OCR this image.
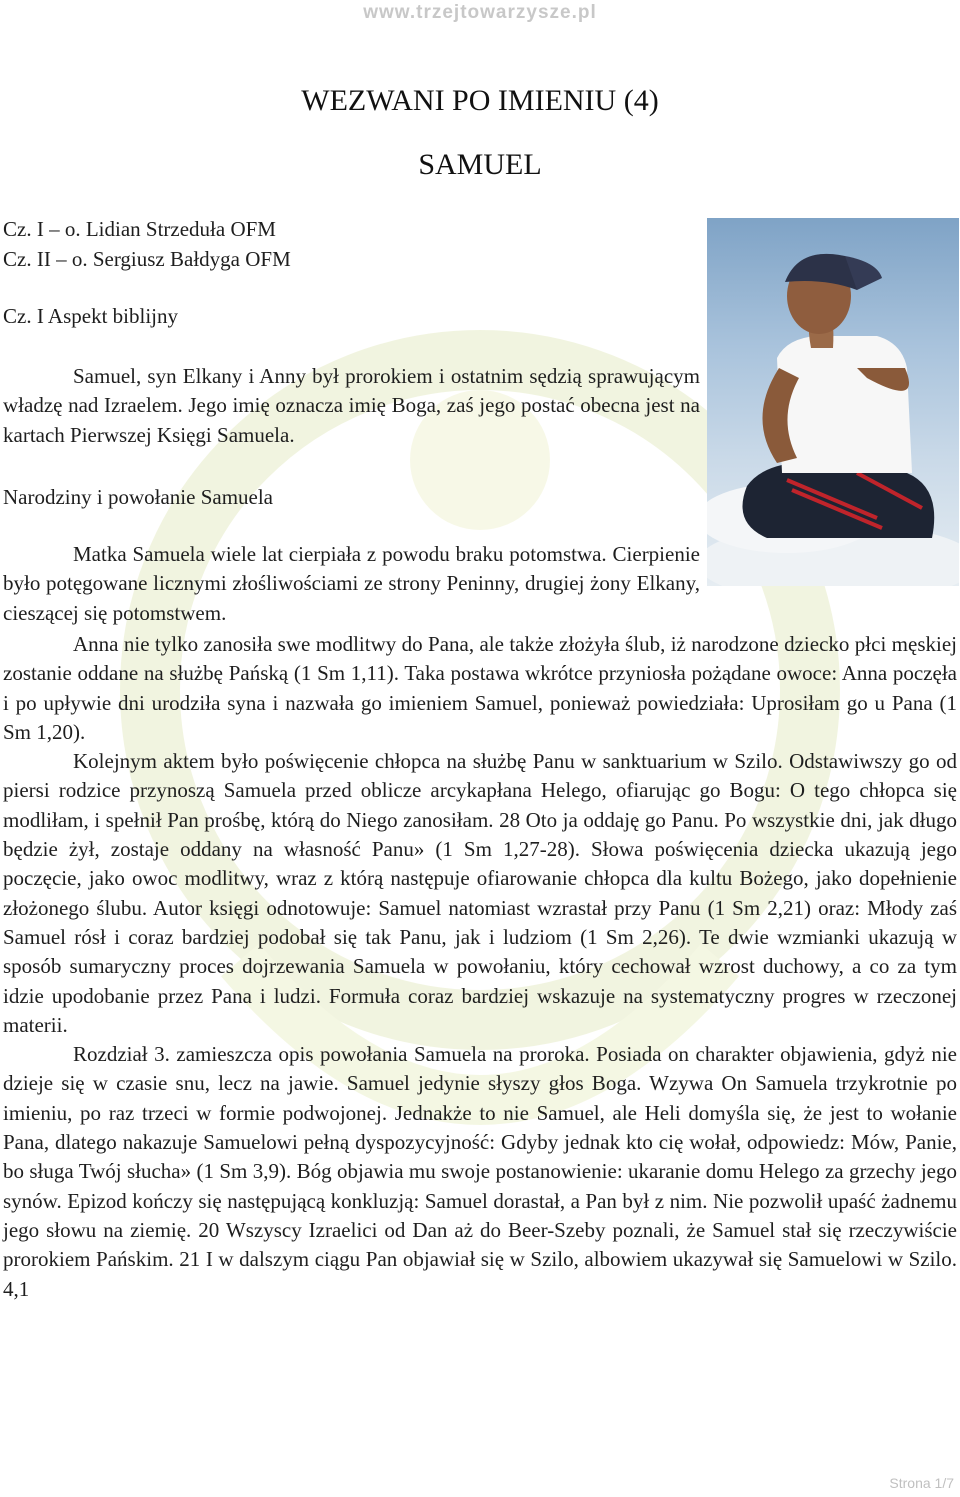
www.trzejtowarzysze.pl
WEZWANI PO IMIENIU (4)
SAMUEL
Cz. I – o. Lidian Strzeduła OFM
Cz. II – o. Sergiusz Bałdyga OFM
Cz. I Aspekt biblijny
Samuel, syn Elkany i Anny był prorokiem i ostatnim sędzią sprawującym władzę nad Izraelem. Jego imię oznacza imię Boga, zaś jego postać obecna jest na kartach Pierwszej Księgi Samuela.
Narodziny i powołanie Samuela
Matka Samuela wiele lat cierpiała z powodu braku potomstwa. Cierpienie było potęgowane licznymi złośliwościami ze strony Peninny, drugiej żony Elkany, cieszącej się potomstwem.

Anna nie tylko zanosiła swe modlitwy do Pana, ale także złożyła ślub, iż narodzone dziecko płci męskiej zostanie oddane na służbę Pańską (1 Sm 1,11). Taka postawa wkrótce przyniosła pożądane owoce: Anna poczęła i po upływie dni urodziła syna i nazwała go imieniem Samuel, ponieważ powiedziała: Uprosiłam go u Pana (1 Sm 1,20).

Kolejnym aktem było poświęcenie chłopca na służbę Panu w sanktuarium w Szilo. Odstawiwszy go od piersi rodzice przynoszą Samuela przed oblicze arcykapłana Helego, ofiarując go Bogu: O tego chłopca się modliłam, i spełnił Pan prośbę, którą do Niego zanosiłam. 28 Oto ja oddaję go Panu. Po wszystkie dni, jak długo będzie żył, zostaje oddany na własność Panu» (1 Sm 1,27-28). Słowa poświęcenia dziecka ukazują jego poczęcie, jako owoc modlitwy, wraz z którą następuje ofiarowanie chłopca dla kultu Bożego, jako dopełnienie złożonego ślubu. Autor księgi odnotowuje: Samuel natomiast wzrastał przy Panu (1 Sm 2,21) oraz: Młody zaś Samuel rósł i coraz bardziej podobał się tak Panu, jak i ludziom (1 Sm 2,26). Te dwie wzmianki ukazują w sposób sumaryczny proces dojrzewania Samuela w powołaniu, który cechował wzrost duchowy, a co za tym idzie upodobanie przez Pana i ludzi. Formuła coraz bardziej wskazuje na systematyczny progres w rzeczonej materii.

Rozdział 3. zamieszcza opis powołania Samuela na proroka. Posiada on charakter objawienia, gdyż nie dzieje się w czasie snu, lecz na jawie. Samuel jedynie słyszy głos Boga. Wzywa On Samuela trzykrotnie po imieniu, po raz trzeci w formie podwojonej. Jednakże to nie Samuel, ale Heli domyśla się, że jest to wołanie Pana, dlatego nakazuje Samuelowi pełną dyspozycyjność: Gdyby jednak kto cię wołał, odpowiedz: Mów, Panie, bo sługa Twój słucha» (1 Sm 3,9). Bóg objawia mu swoje postanowienie: ukaranie domu Helego za grzechy jego synów. Epizod kończy się następującą konkluzją: Samuel dorastał, a Pan był z nim. Nie pozwolił upaść żadnemu jego słowu na ziemię. 20 Wszyscy Izraelici od Dan aż do Beer-Szeby poznali, że Samuel stał się rzeczywiście prorokiem Pańskim. 21 I w dalszym ciągu Pan objawiał się w Szilo, albowiem ukazywał się Samuelowi w Szilo. 4,1

Strona 1/7
